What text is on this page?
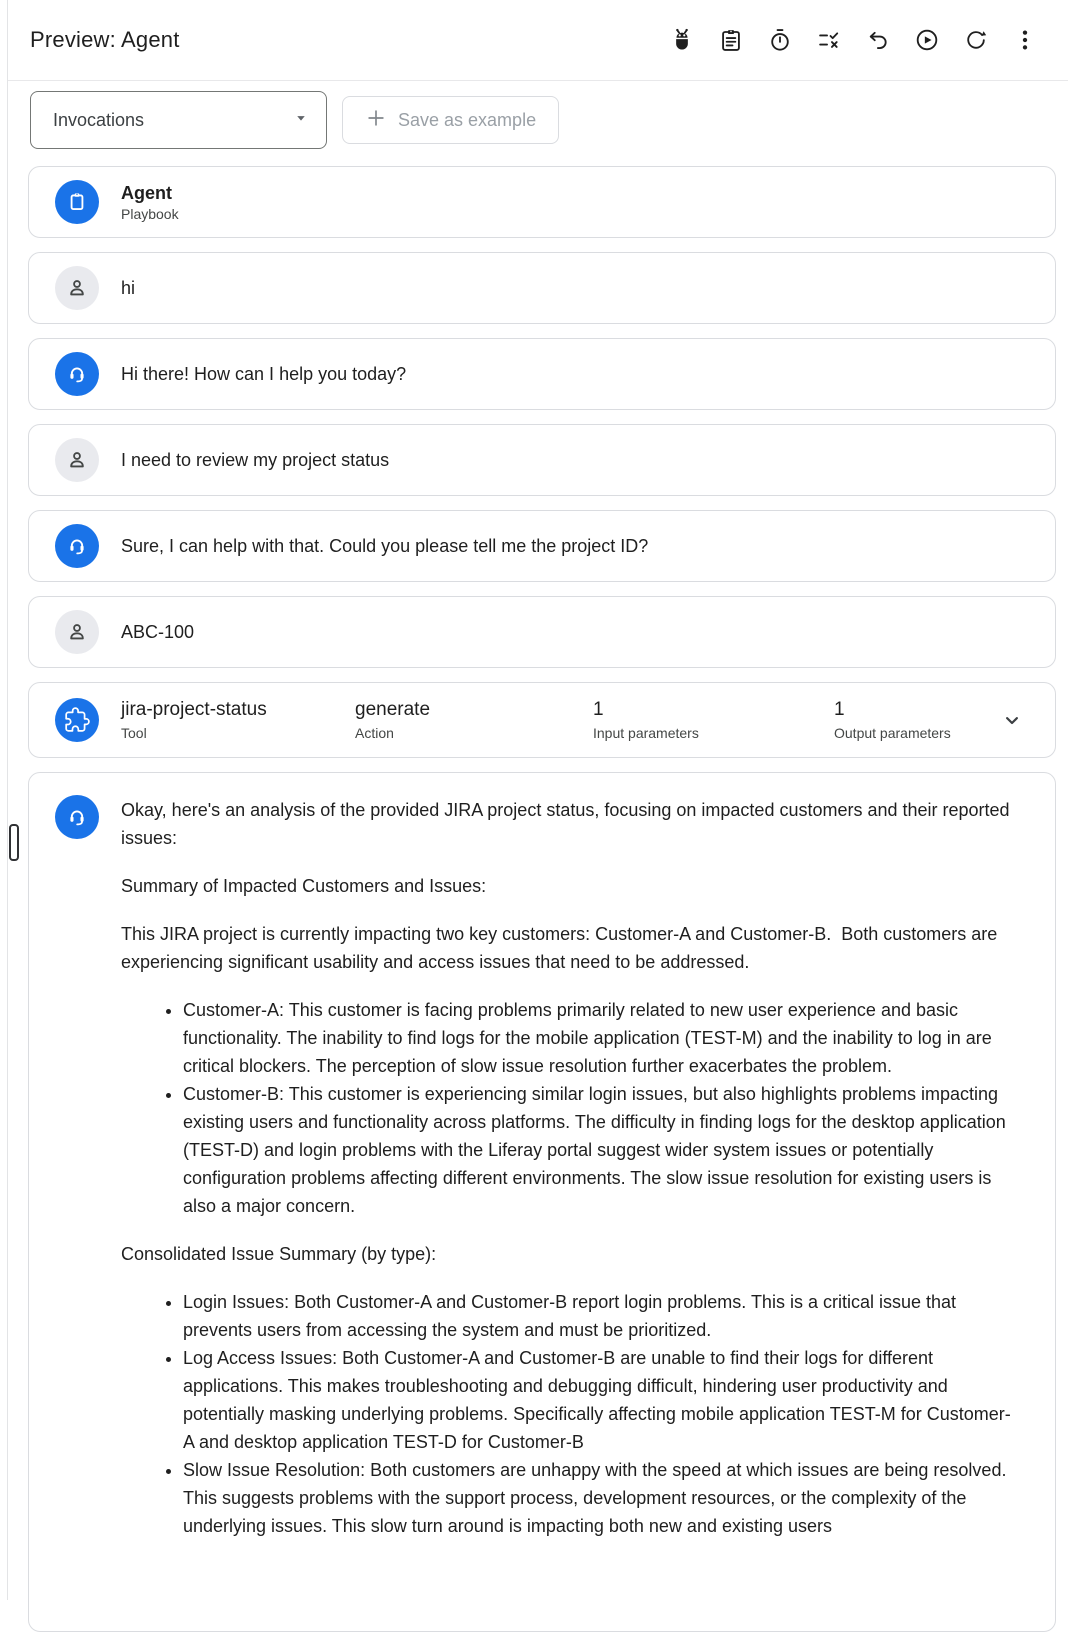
Preview: Agent
Invocations	Save as example
Agent
Playbook
hi
Hi there! How can I help you today?
I need to review my project status
Sure, I can help with that. Could you please tell me the project ID?
ABC-100
jira-project-status
Tool
generate
Action
1
Input parameters
1
Output parameters

Okay, here's an analysis of the provided JIRA project status, focusing on impacted customers and their reported issues:

Summary of Impacted Customers and Issues:

This JIRA project is currently impacting two key customers: Customer-A and Customer-B.  Both customers are experiencing significant usability and access issues that need to be addressed.

• Customer-A: This customer is facing problems primarily related to new user experience and basic functionality. The inability to find logs for the mobile application (TEST-M) and the inability to log in are critical blockers. The perception of slow issue resolution further exacerbates the problem.
• Customer-B: This customer is experiencing similar login issues, but also highlights problems impacting existing users and functionality across platforms. The difficulty in finding logs for the desktop application (TEST-D) and login problems with the Liferay portal suggest wider system issues or potentially configuration problems affecting different environments. The slow issue resolution for existing users is also a major concern.

Consolidated Issue Summary (by type):

• Login Issues: Both Customer-A and Customer-B report login problems. This is a critical issue that prevents users from accessing the system and must be prioritized.
• Log Access Issues: Both Customer-A and Customer-B are unable to find their logs for different applications. This makes troubleshooting and debugging difficult, hindering user productivity and potentially masking underlying problems. Specifically affecting mobile application TEST-M for Customer-A and desktop application TEST-D for Customer-B
• Slow Issue Resolution: Both customers are unhappy with the speed at which issues are being resolved. This suggests problems with the support process, development resources, or the complexity of the underlying issues. This slow turn around is impacting both new and existing users
